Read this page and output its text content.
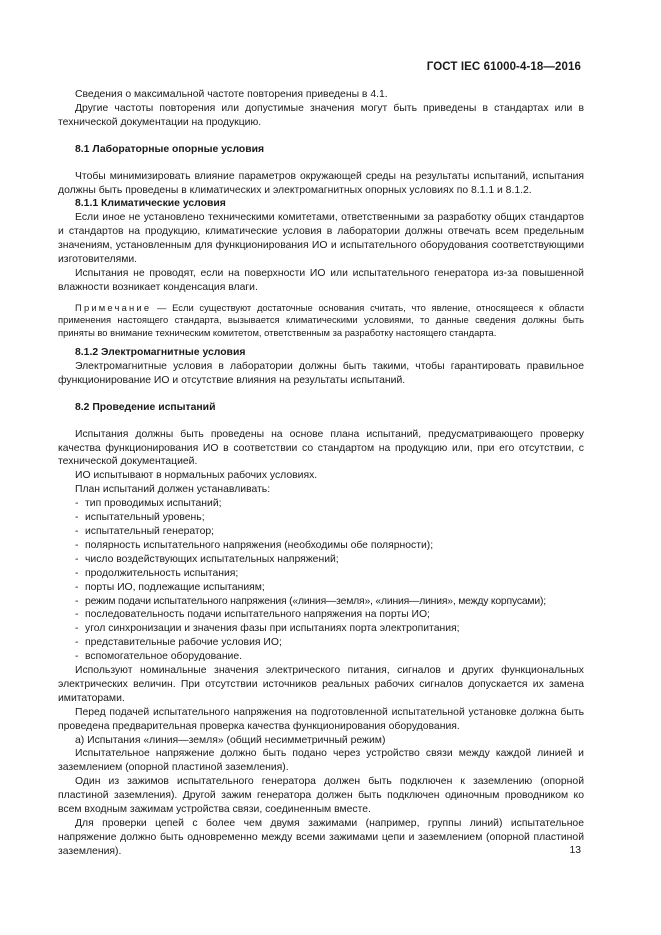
ГОСТ IEC 61000-4-18—2016

Сведения о максимальной частоте повторения приведены в 4.1.

Другие частоты повторения или допустимые значения могут быть приведены в стандартах или в технической документации на продукцию.

8.1 Лабораторные опорные условия

Чтобы минимизировать влияние параметров окружающей среды на результаты испытаний, испытания должны быть проведены в климатических и электромагнитных опорных условиях по 8.1.1 и 8.1.2.

8.1.1 Климатические условия

Если иное не установлено техническими комитетами, ответственными за разработку общих стандартов и стандартов на продукцию, климатические условия в лаборатории должны отвечать всем предельным значениям, установленным для функционирования ИО и испытательного оборудования соответствующими изготовителями.

Испытания не проводят, если на поверхности ИО или испытательного генератора из-за повышенной влажности возникает конденсация влаги.

Примечание — Если существуют достаточные основания считать, что явление, относящееся к области применения настоящего стандарта, вызывается климатическими условиями, то данные сведения должны быть приняты во внимание техническим комитетом, ответственным за разработку настоящего стандарта.

8.1.2 Электромагнитные условия

Электромагнитные условия в лаборатории должны быть такими, чтобы гарантировать правильное функционирование ИО и отсутствие влияния на результаты испытаний.

8.2 Проведение испытаний

Испытания должны быть проведены на основе плана испытаний, предусматривающего проверку качества функционирования ИО в соответствии со стандартом на продукцию или, при его отсутствии, с технической документацией.

ИО испытывают в нормальных рабочих условиях.

План испытаний должен устанавливать:

- тип проводимых испытаний;
- испытательный уровень;
- испытательный генератор;
- полярность испытательного напряжения (необходимы обе полярности);
- число воздействующих испытательных напряжений;
- продолжительность испытания;
- порты ИО, подлежащие испытаниям;
- режим подачи испытательного напряжения («линия—земля», «линия—линия», между корпусами);
- последовательность подачи испытательного напряжения на порты ИО;
- угол синхронизации и значения фазы при испытаниях порта электропитания;
- представительные рабочие условия ИО;
- вспомогательное оборудование.

Используют номинальные значения электрического питания, сигналов и других функциональных электрических величин. При отсутствии источников реальных рабочих сигналов допускается их замена имитаторами.

Перед подачей испытательного напряжения на подготовленной испытательной установке должна быть проведена предварительная проверка качества функционирования оборудования.

а) Испытания «линия—земля» (общий несимметричный режим)

Испытательное напряжение должно быть подано через устройство связи между каждой линией и заземлением (опорной пластиной заземления).

Один из зажимов испытательного генератора должен быть подключен к заземлению (опорной пластиной заземления). Другой зажим генератора должен быть подключен одиночным проводником ко всем входным зажимам устройства связи, соединенным вместе.

Для проверки цепей с более чем двумя зажимами (например, группы линий) испытательное напряжение должно быть одновременно между всеми зажимами цепи и заземлением (опорной пластиной заземления).	13
